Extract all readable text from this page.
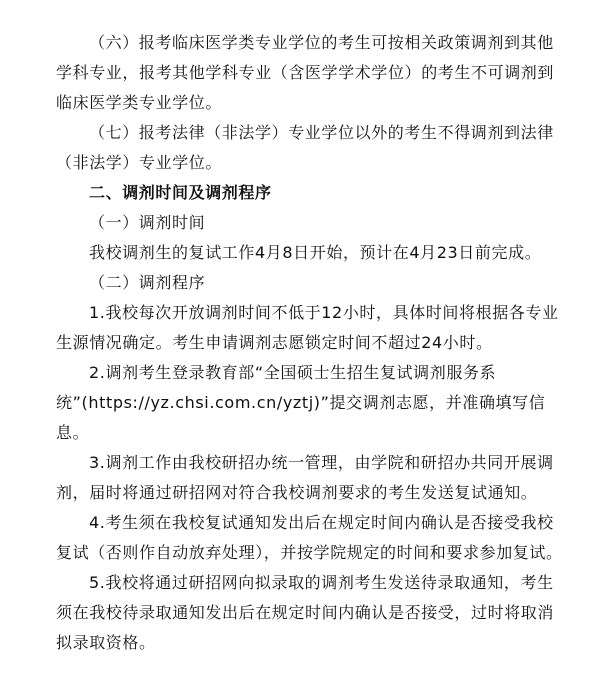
（六）报考临床医学类专业学位的考生可按相关政策调剂到其他学科专业，报考其他学科专业（含医学学术学位）的考生不可调剂到临床医学类专业学位。

（七）报考法律（非法学）专业学位以外的考生不得调剂到法律（非法学）专业学位。

二、调剂时间及调剂程序

（一）调剂时间

我校调剂生的复试工作4月8日开始，预计在4月23日前完成。

（二）调剂程序

1.我校每次开放调剂时间不低于12小时，具体时间将根据各专业生源情况确定。考生申请调剂志愿锁定时间不超过24小时。

2.调剂考生登录教育部“全国硕士生招生复试调剂服务系统”(https://yz.chsi.com.cn/yztj)”提交调剂志愿，并准确填写信息。

3.调剂工作由我校研招办统一管理，由学院和研招办共同开展调剂，届时将通过研招网对符合我校调剂要求的考生发送复试通知。

4.考生须在我校复试通知发出后在规定时间内确认是否接受我校复试（否则作自动放弃处理），并按学院规定的时间和要求参加复试。

5.我校将通过研招网向拟录取的调剂考生发送待录取通知，考生须在我校待录取通知发出后在规定时间内确认是否接受，过时将取消拟录取资格。
